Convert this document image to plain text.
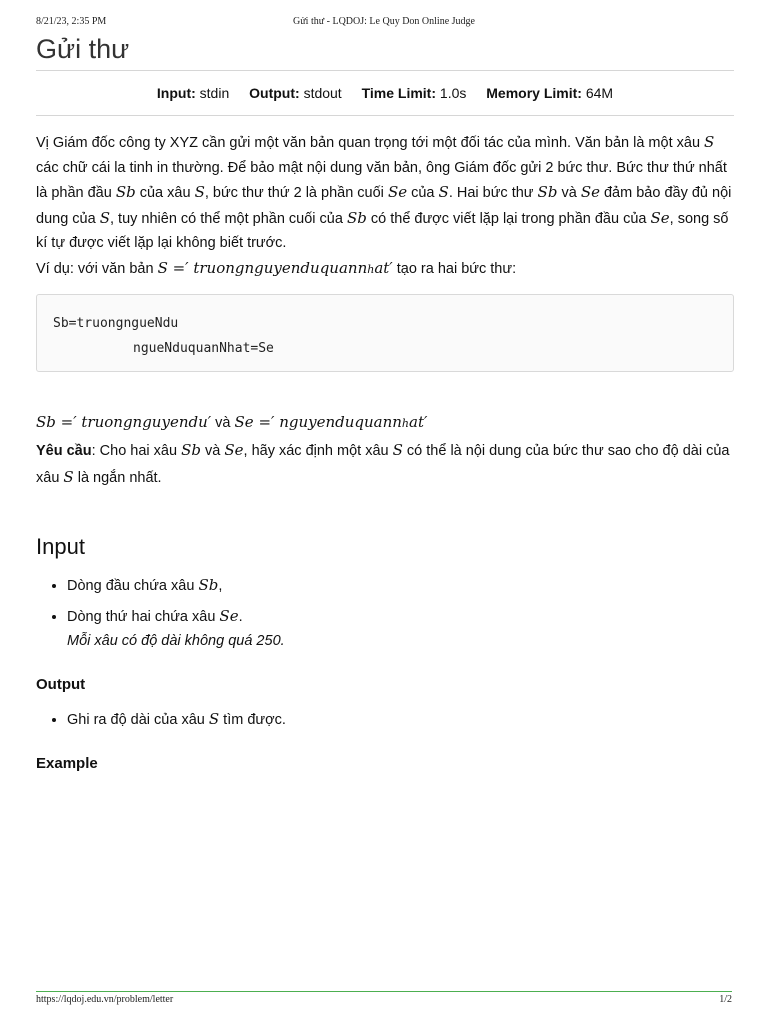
8/21/23, 2:35 PM	Gửi thư - LQDOJ: Le Quy Don Online Judge
Gửi thư
Input: stdin Output: stdout Time Limit: 1.0s Memory Limit: 64M

Vị Giám đốc công ty XYZ cần gửi một văn bản quan trọng tới một đối tác của mình. Văn bản là một xâu S các chữ cái la tinh in thường. Để bảo mật nội dung văn bản, ông Giám đốc gửi 2 bức thư. Bức thư thứ nhất là phần đầu Sb của xâu S, bức thư thứ 2 là phần cuối Se của S. Hai bức thư Sb và Se đảm bảo đầy đủ nội dung của S, tuy nhiên có thể một phần cuối của Sb có thể được viết lặp lại trong phần đầu của Se, song số kí tự được viết lặp lại không biết trước.

Ví dụ: với văn bản S =′ truongnguyenduquannhat′ tạo ra hai bức thư:

Sb=truongngueNdu
ngueNduquanNhat=Se

Sb =′ truongnguyendu′ và Se =′ nguyenduquannhat′

Yêu cầu: Cho hai xâu Sb và Se, hãy xác định một xâu S có thể là nội dung của bức thư sao cho độ dài của xâu S là ngắn nhất.

Input
• Dòng đầu chứa xâu Sb,
• Dòng thứ hai chứa xâu Se.
Mỗi xâu có độ dài không quá 250.
Output
• Ghi ra độ dài của xâu S tìm được.
Example
https://lqdoj.edu.vn/problem/letter	1/2
